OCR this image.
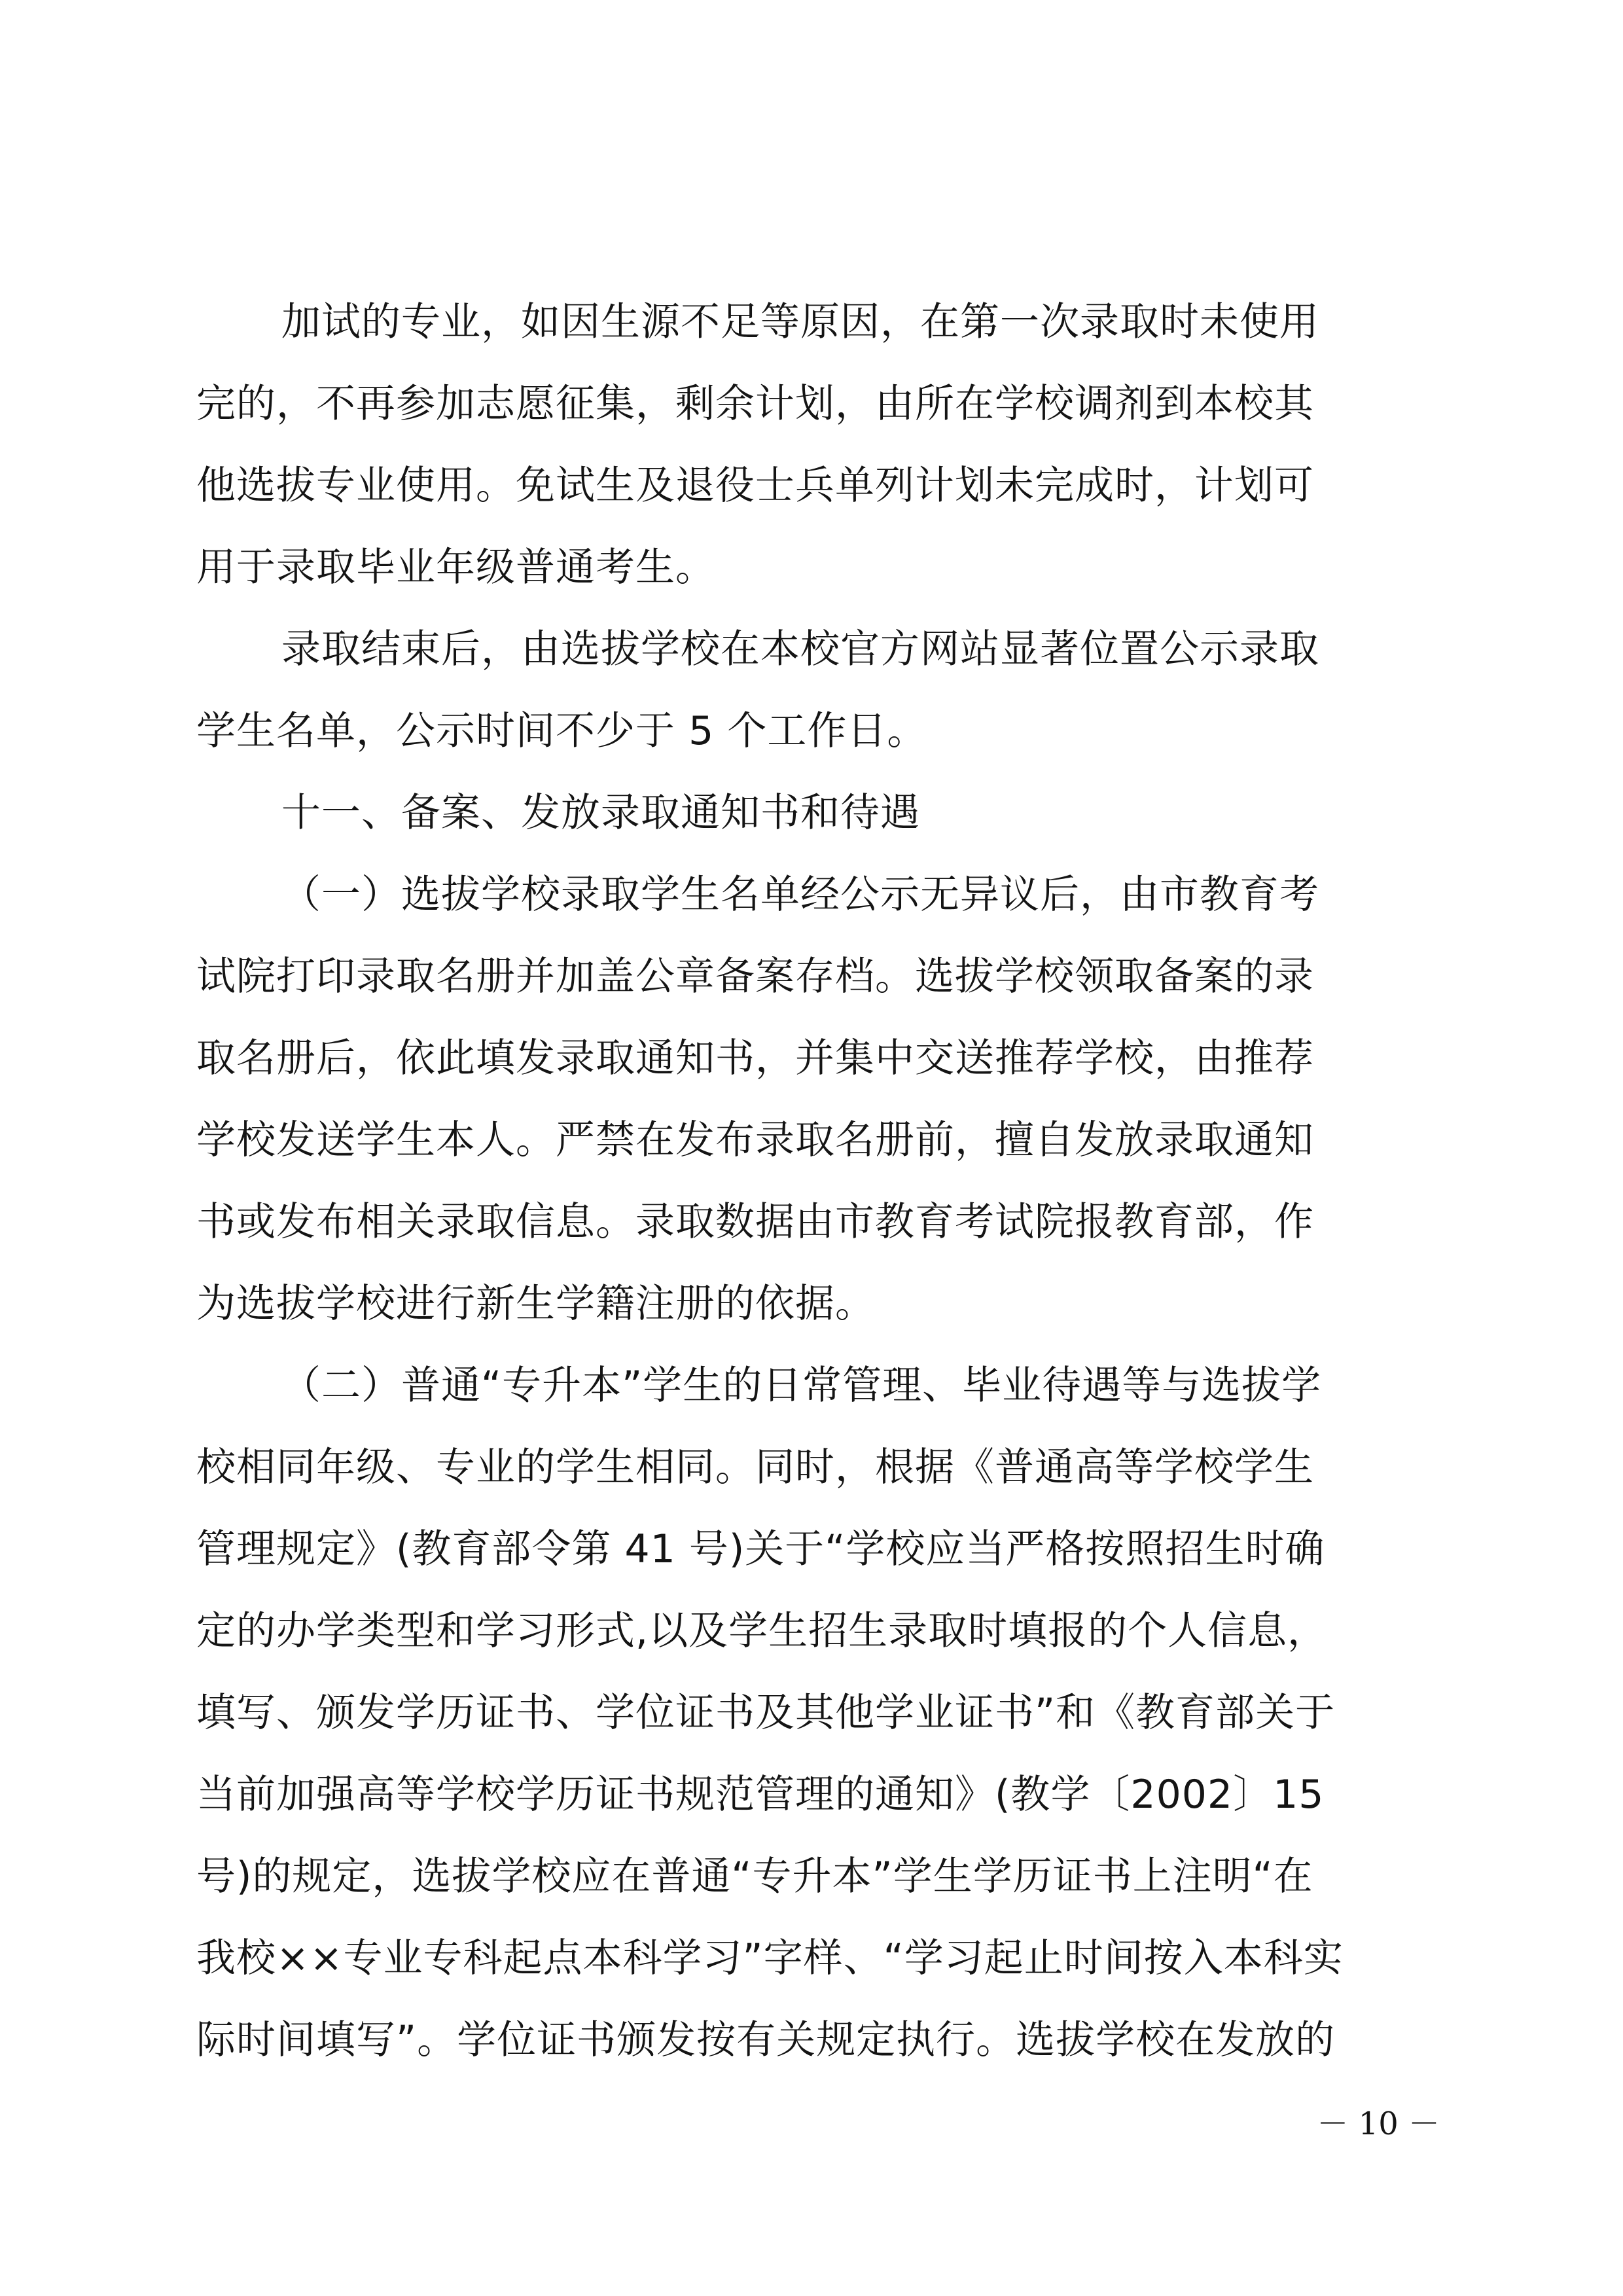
加试的专业，如因生源不足等原因，在第一次录取时未使用
完的，不再参加志愿征集，剩余计划，由所在学校调剂到本校其
他选拔专业使用。免试生及退役士兵单列计划未完成时，计划可
用于录取毕业年级普通考生。
录取结束后，由选拔学校在本校官方网站显著位置公示录取
学生名单，公示时间不少于 5 个工作日。
十一、备案、发放录取通知书和待遇
（一）选拔学校录取学生名单经公示无异议后，由市教育考
试院打印录取名册并加盖公章备案存档。选拔学校领取备案的录
取名册后，依此填发录取通知书，并集中交送推荐学校，由推荐
学校发送学生本人。严禁在发布录取名册前，擅自发放录取通知
书或发布相关录取信息。录取数据由市教育考试院报教育部，作
为选拔学校进行新生学籍注册的依据。
（二）普通“专升本”学生的日常管理、毕业待遇等与选拔学
校相同年级、专业的学生相同。同时，根据《普通高等学校学生
管理规定》(教育部令第 41 号)关于“学校应当严格按照招生时确
定的办学类型和学习形式,以及学生招生录取时填报的个人信息，
填写、颁发学历证书、学位证书及其他学业证书”和《教育部关于
当前加强高等学校学历证书规范管理的通知》(教学〔2002〕15
号)的规定，选拔学校应在普通“专升本”学生学历证书上注明“在
我校××专业专科起点本科学习”字样、“学习起止时间按入本科实
际时间填写”。学位证书颁发按有关规定执行。选拔学校在发放的
－ 10 －
